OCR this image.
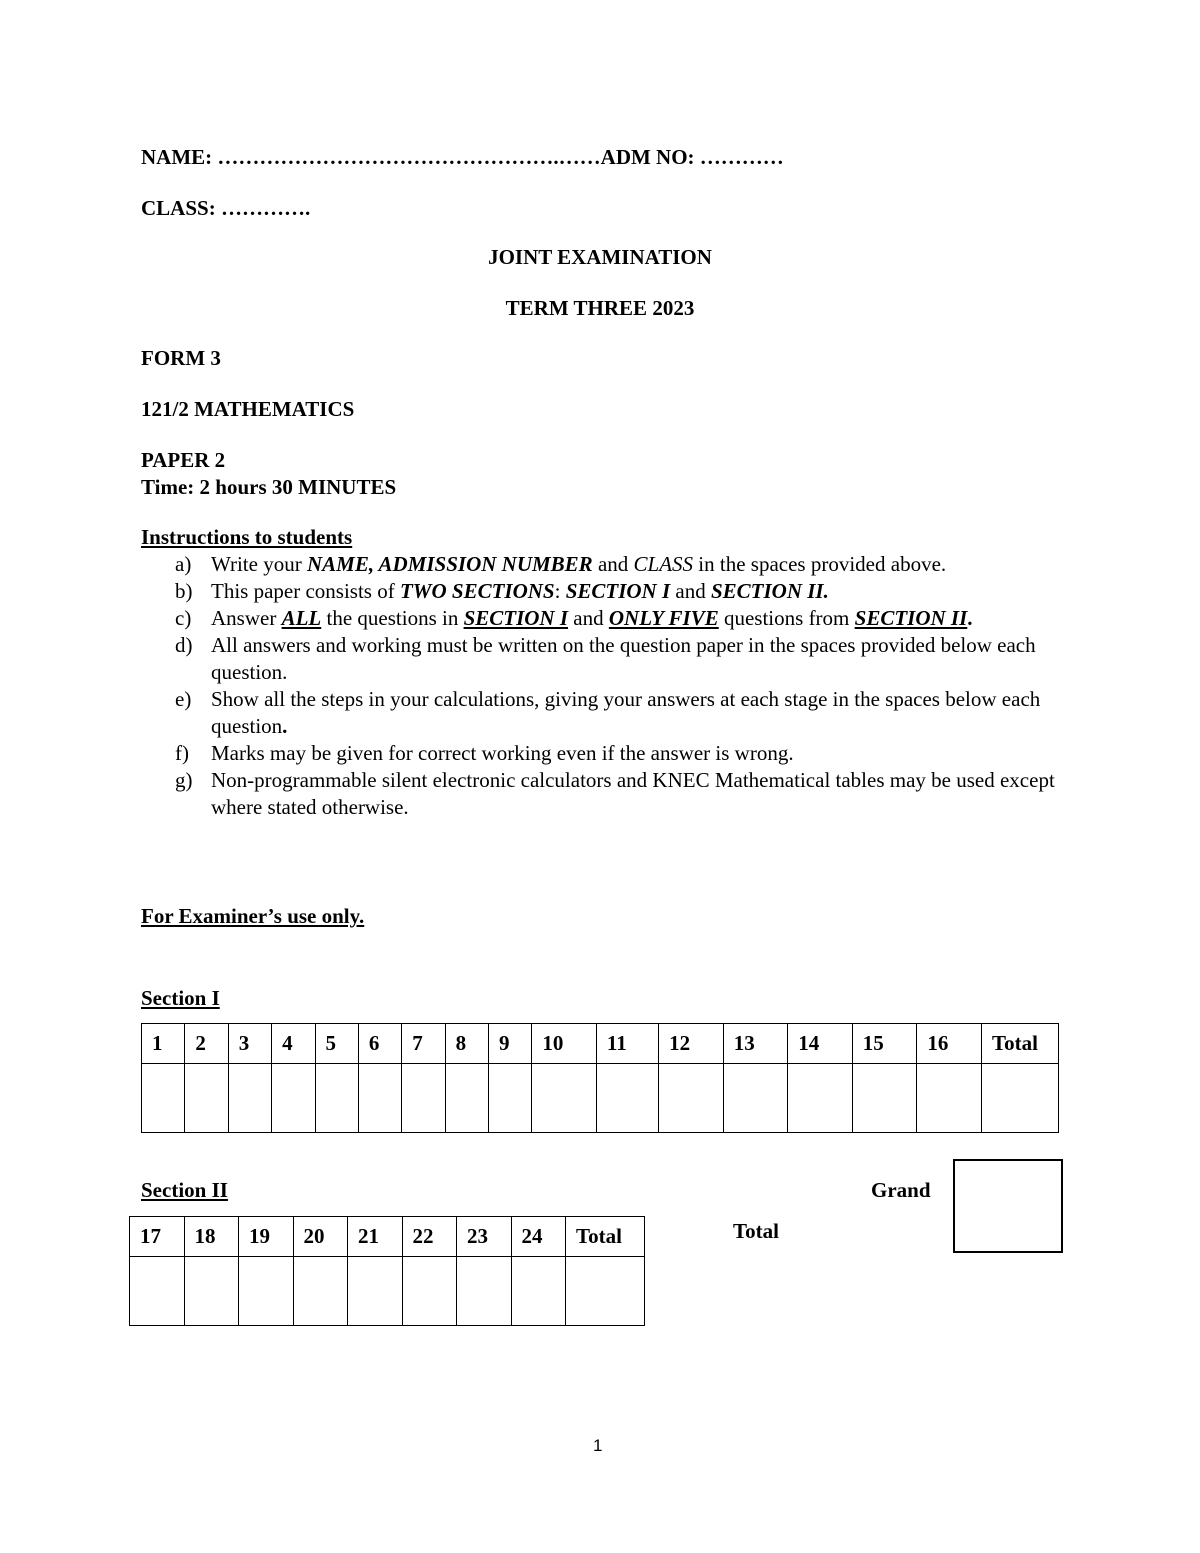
NAME: ………………………………………….……ADM NO: …………
CLASS: ………….
JOINT EXAMINATION
TERM THREE 2023
FORM 3
121/2 MATHEMATICS
PAPER 2
Time: 2 hours 30 MINUTES
Instructions to students
a) Write your NAME, ADMISSION NUMBER and CLASS in the spaces provided above.
b) This paper consists of TWO SECTIONS: SECTION I and SECTION II.
c) Answer ALL the questions in SECTION I and ONLY FIVE questions from SECTION II.
d) All answers and working must be written on the question paper in the spaces provided below each question.
e) Show all the steps in your calculations, giving your answers at each stage in the spaces below each question.
f) Marks may be given for correct working even if the answer is wrong.
g) Non-programmable silent electronic calculators and KNEC Mathematical tables may be used except where stated otherwise.
For Examiner’s use only.
Section I
1	2	3	4	5	6	7	8	9	10	11	12	13	14	15	16	Total

Section II
17	18	19	20	21	22	23	24	Total

Grand
Total
1
